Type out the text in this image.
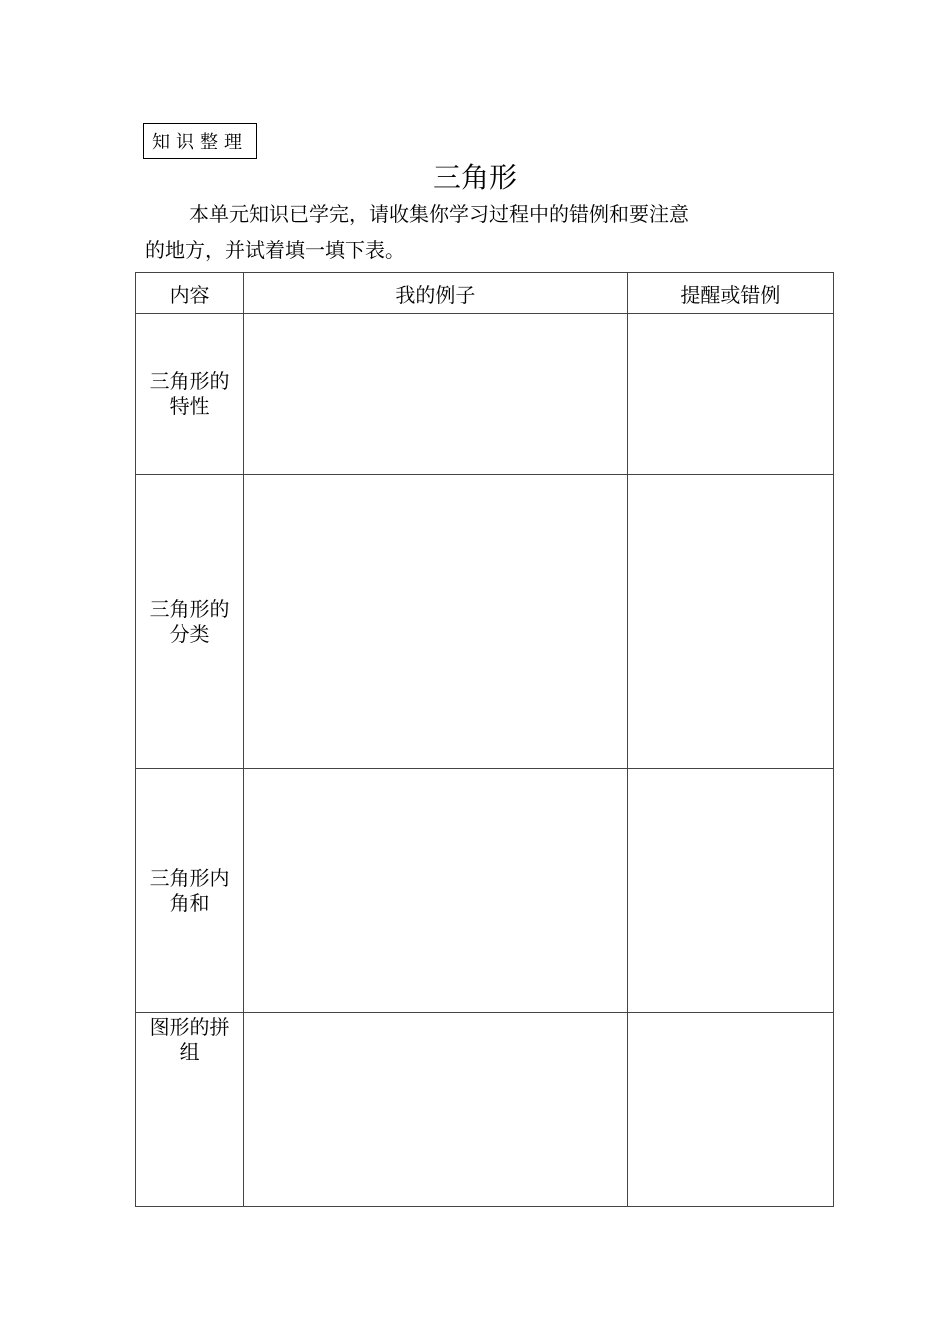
知识整理
三角形
本单元知识已学完，请收集你学习过程中的错例和要注意
的地方，并试着填一填下表。
内容	我的例子	提醒或错例
三角形的特性		
三角形的分类		
三角形内角和		
图形的拼组		
